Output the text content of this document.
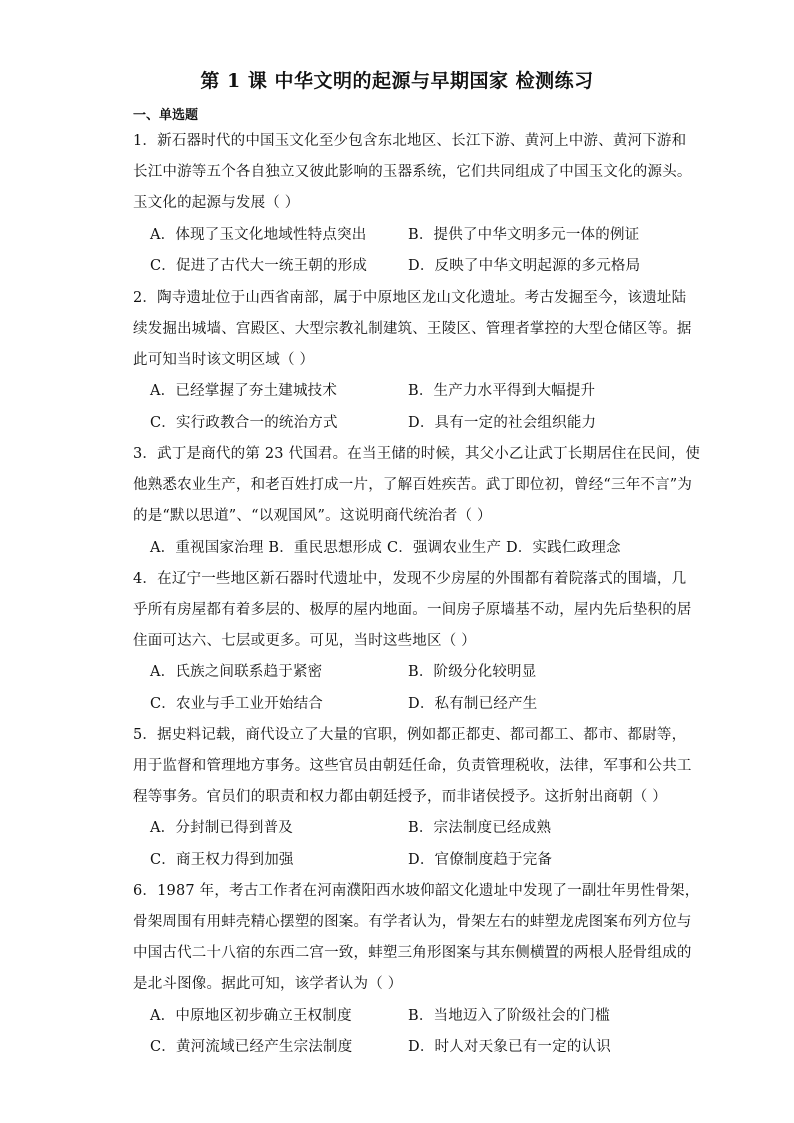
第 1 课 中华文明的起源与早期国家 检测练习
一、单选题
1．新石器时代的中国玉文化至少包含东北地区、长江下游、黄河上中游、黄河下游和
长江中游等五个各自独立又彼此影响的玉器系统，它们共同组成了中国玉文化的源头。
玉文化的起源与发展（ ）
A．体现了玉文化地域性特点突出	B．提供了中华文明多元一体的例证
C．促进了古代大一统王朝的形成	D．反映了中华文明起源的多元格局
2．陶寺遗址位于山西省南部，属于中原地区龙山文化遗址。考古发掘至今，该遗址陆
续发掘出城墙、宫殿区、大型宗教礼制建筑、王陵区、管理者掌控的大型仓储区等。据
此可知当时该文明区域（ ）
A．已经掌握了夯土建城技术	B．生产力水平得到大幅提升
C．实行政教合一的统治方式	D．具有一定的社会组织能力
3．武丁是商代的第 23 代国君。在当王储的时候，其父小乙让武丁长期居住在民间，使
他熟悉农业生产，和老百姓打成一片，了解百姓疾苦。武丁即位初，曾经“三年不言”为
的是“默以思道”、“以观国风”。这说明商代统治者（ ）
A．重视国家治理 B．重民思想形成 C．强调农业生产 D．实践仁政理念
4．在辽宁一些地区新石器时代遗址中，发现不少房屋的外围都有着院落式的围墙，几
乎所有房屋都有着多层的、极厚的屋内地面。一间房子原墙基不动，屋内先后垫积的居
住面可达六、七层或更多。可见，当时这些地区（ ）
A．氏族之间联系趋于紧密	B．阶级分化较明显
C．农业与手工业开始结合	D．私有制已经产生
5．据史料记载，商代设立了大量的官职，例如都正都吏、都司都工、都市、都尉等，
用于监督和管理地方事务。这些官员由朝廷任命，负责管理税收，法律，军事和公共工
程等事务。官员们的职责和权力都由朝廷授予，而非诸侯授予。这折射出商朝（ ）
A．分封制已得到普及	B．宗法制度已经成熟
C．商王权力得到加强	D．官僚制度趋于完备
6．1987 年，考古工作者在河南濮阳西水坡仰韶文化遗址中发现了一副壮年男性骨架，
骨架周围有用蚌壳精心摆塑的图案。有学者认为，骨架左右的蚌塑龙虎图案布列方位与
中国古代二十八宿的东西二宫一致，蚌塑三角形图案与其东侧横置的两根人胫骨组成的
是北斗图像。据此可知，该学者认为（ ）
A．中原地区初步确立王权制度	B．当地迈入了阶级社会的门槛
C．黄河流域已经产生宗法制度	D．时人对天象已有一定的认识
